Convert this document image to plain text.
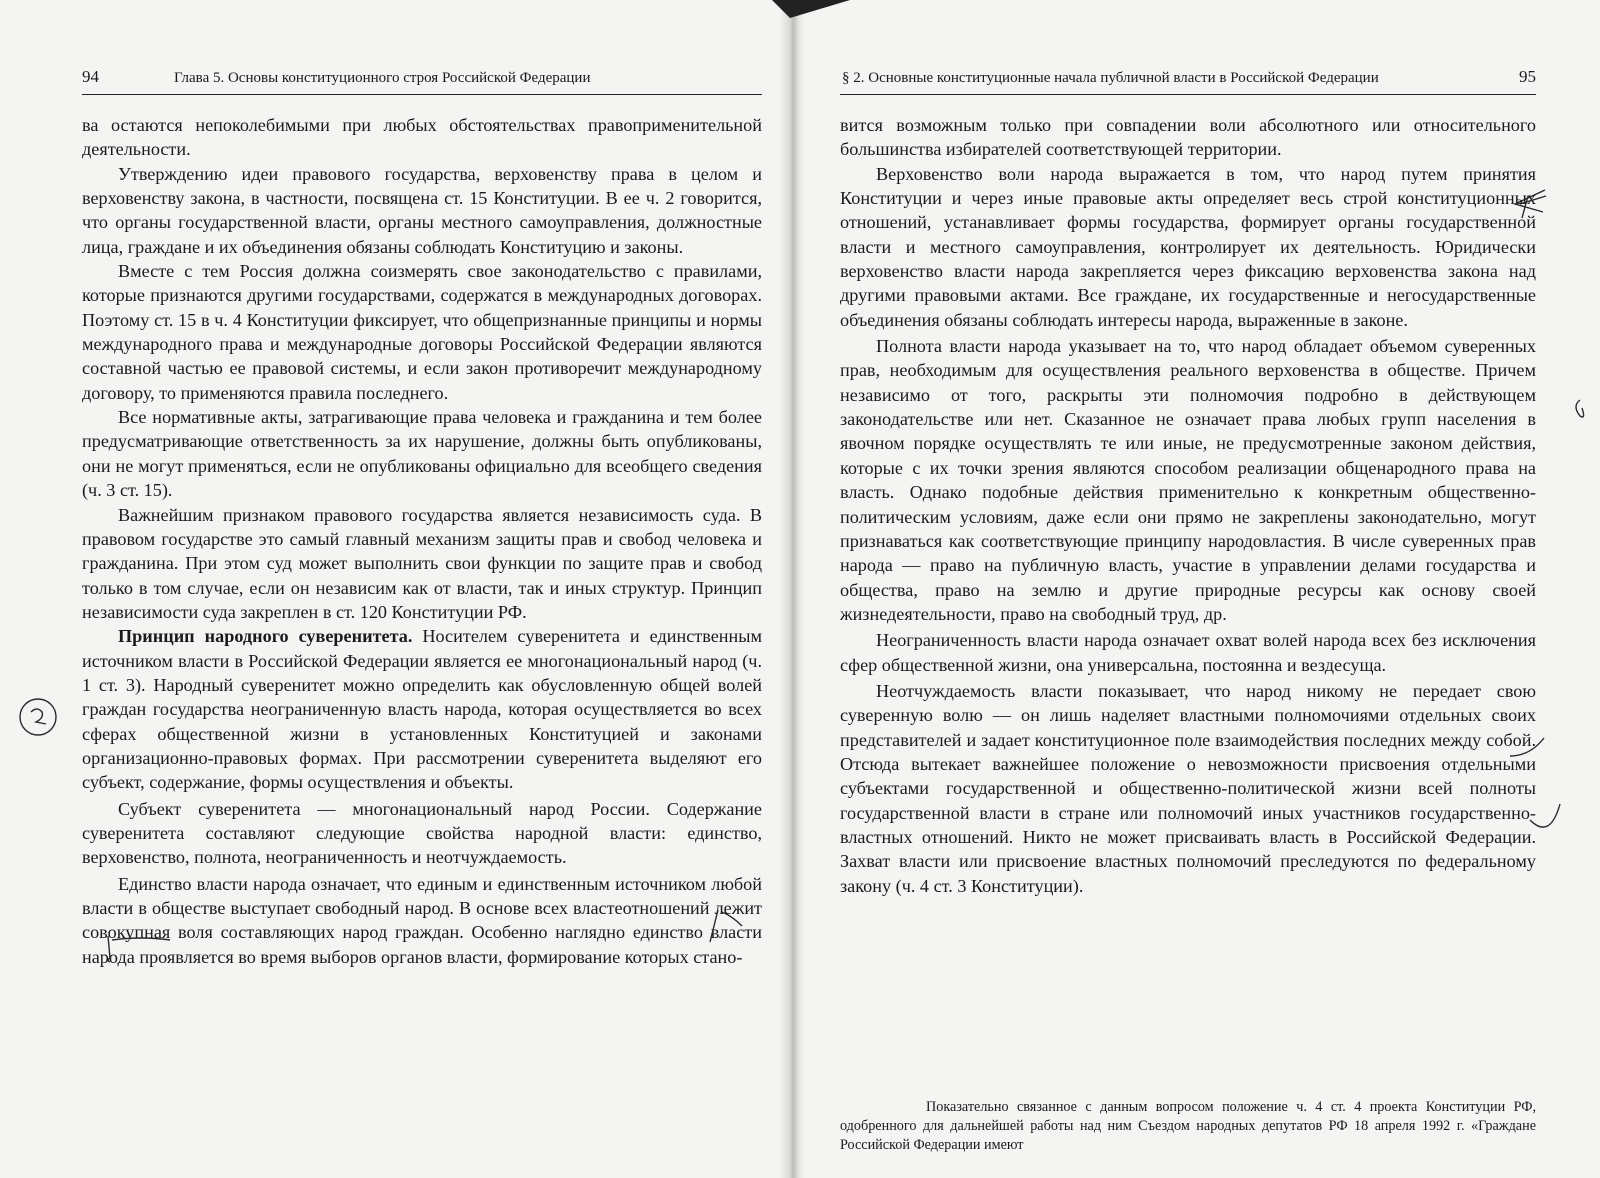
94	Глава 5. Основы конституционного строя Российской Федерации

ва остаются непоколебимыми при любых обстоятельствах правоприменительной деятельности.

Утверждению идеи правового государства, верховенству права в целом и верховенству закона, в частности, посвящена ст. 15 Конституции. В ее ч. 2 говорится, что органы государственной власти, органы местного самоуправления, должностные лица, граждане и их объединения обязаны соблюдать Конституцию и законы.

Вместе с тем Россия должна соизмерять свое законодательство с правилами, которые признаются другими государствами, содержатся в международных договорах. Поэтому ст. 15 в ч. 4 Конституции фиксирует, что общепризнанные принципы и нормы международного права и международные договоры Российской Федерации являются составной частью ее правовой системы, и если закон противоречит международному договору, то применяются правила последнего.

Все нормативные акты, затрагивающие права человека и гражданина и тем более предусматривающие ответственность за их нарушение, должны быть опубликованы, они не могут применяться, если не опубликованы официально для всеобщего сведения (ч. 3 ст. 15).

Важнейшим признаком правового государства является независимость суда. В правовом государстве это самый главный механизм защиты прав и свобод человека и гражданина. При этом суд может выполнить свои функции по защите прав и свобод только в том случае, если он независим как от власти, так и иных структур. Принцип независимости суда закреплен в ст. 120 Конституции РФ.

Принцип народного суверенитета. Носителем суверенитета и единственным источником власти в Российской Федерации является ее многонациональный народ (ч. 1 ст. 3). Народный суверенитет можно определить как обусловленную общей волей граждан государства неограниченную власть народа, которая осуществляется во всех сферах общественной жизни в установленных Конституцией и законами организационно-правовых формах. При рассмотрении суверенитета выделяют его субъект, содержание, формы осуществления и объекты.

Субъект суверенитета — многонациональный народ России. Содержание суверенитета составляют следующие свойства народной власти: единство, верховенство, полнота, неограниченность и неотчуждаемость.

Единство власти народа означает, что единым и единственным источником любой власти в обществе выступает свободный народ. В основе всех властеотношений лежит совокупная воля составляющих народ граждан. Особенно наглядно единство власти народа проявляется во время выборов органов власти, формирование которых стано-

§ 2. Основные конституционные начала публичной власти в Российской Федерации	95

вится возможным только при совпадении воли абсолютного или относительного большинства избирателей соответствующей территории.

Верховенство воли народа выражается в том, что народ путем принятия Конституции и через иные правовые акты определяет весь строй конституционных отношений, устанавливает формы государства, формирует органы государственной власти и местного самоуправления, контролирует их деятельность. Юридически верховенство власти народа закрепляется через фиксацию верховенства закона над другими правовыми актами. Все граждане, их государственные и негосударственные объединения обязаны соблюдать интересы народа, выраженные в законе.

Полнота власти народа указывает на то, что народ обладает объемом суверенных прав, необходимым для осуществления реального верховенства в обществе. Причем независимо от того, раскрыты эти полномочия подробно в действующем законодательстве или нет. Сказанное не означает права любых групп населения в явочном порядке осуществлять те или иные, не предусмотренные законом действия, которые с их точки зрения являются способом реализации общенародного права на власть. Однако подобные действия применительно к конкретным общественно-политическим условиям, даже если они прямо не закреплены законодательно, могут признаваться как соответствующие принципу народовластия. В числе суверенных прав народа — право на публичную власть, участие в управлении делами государства и общества, право на землю и другие природные ресурсы как основу своей жизнедеятельности, право на свободный труд, др.

Неограниченность власти народа означает охват волей народа всех без исключения сфер общественной жизни, она универсальна, постоянна и вездесуща.

Неотчуждаемость власти показывает, что народ никому не передает свою суверенную волю — он лишь наделяет властными полномочиями отдельных своих представителей и задает конституционное поле взаимодействия последних между собой. Отсюда вытекает важнейшее положение о невозможности присвоения отдельными субъектами государственной и общественно-политической жизни всей полноты государственной власти в стране или полномочий иных участников государственно-властных отношений. Никто не может присваивать власть в Российской Федерации. Захват власти или присвоение властных полномочий преследуются по федеральному закону (ч. 4 ст. 3 Конституции).

Показательно связанное с данным вопросом положение ч. 4 ст. 4 проекта Конституции РФ, одобренного для дальнейшей работы над ним Съездом народных депутатов РФ 18 апреля 1992 г. «Граждане Российской Федерации имеют
